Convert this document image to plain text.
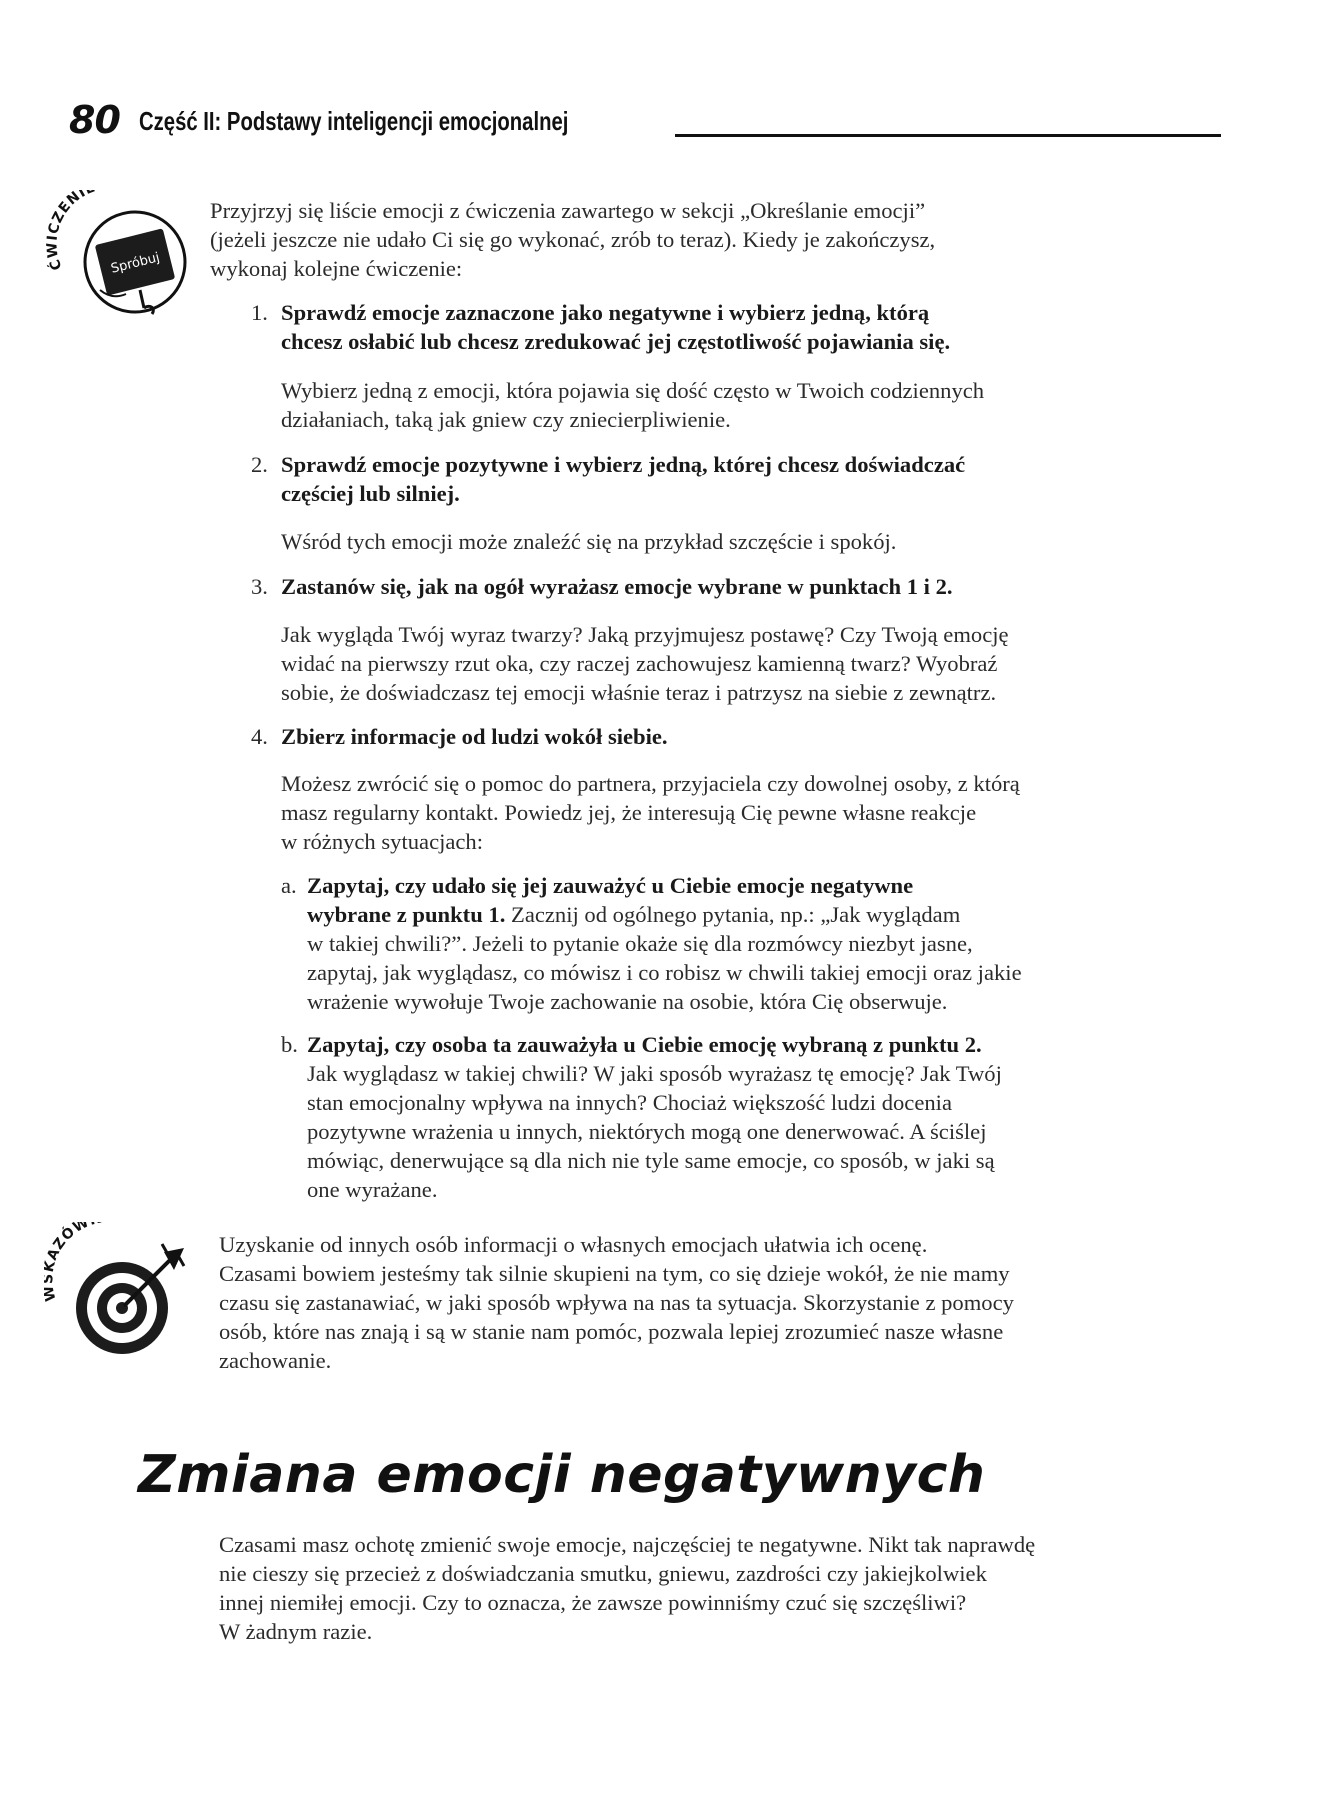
80 Część II: Podstawy inteligencji emocjonalnej
ĆWICZENI
Spróbuj
Przyjrzyj się liście emocji z ćwiczenia zawartego w sekcji „Określanie emocji”
(jeżeli jeszcze nie udało Ci się go wykonać, zrób to teraz). Kiedy je zakończysz,
wykonaj kolejne ćwiczenie:
1. Sprawdź emocje zaznaczone jako negatywne i wybierz jedną, którą
chcesz osłabić lub chcesz zredukować jej częstotliwość pojawiania się.
Wybierz jedną z emocji, która pojawia się dość często w Twoich codziennych
działaniach, taką jak gniew czy zniecierpliwienie.
2. Sprawdź emocje pozytywne i wybierz jedną, której chcesz doświadczać
częściej lub silniej.
Wśród tych emocji może znaleźć się na przykład szczęście i spokój.
3. Zastanów się, jak na ogół wyrażasz emocje wybrane w punktach 1 i 2.
Jak wygląda Twój wyraz twarzy? Jaką przyjmujesz postawę? Czy Twoją emocję
widać na pierwszy rzut oka, czy raczej zachowujesz kamienną twarz? Wyobraź
sobie, że doświadczasz tej emocji właśnie teraz i patrzysz na siebie z zewnątrz.
4. Zbierz informacje od ludzi wokół siebie.
Możesz zwrócić się o pomoc do partnera, przyjaciela czy dowolnej osoby, z którą
masz regularny kontakt. Powiedz jej, że interesują Cię pewne własne reakcje
w różnych sytuacjach:
a. Zapytaj, czy udało się jej zauważyć u Ciebie emocje negatywne
wybrane z punktu 1. Zacznij od ogólnego pytania, np.: „Jak wyglądam
w takiej chwili?”. Jeżeli to pytanie okaże się dla rozmówcy niezbyt jasne,
zapytaj, jak wyglądasz, co mówisz i co robisz w chwili takiej emocji oraz jakie
wrażenie wywołuje Twoje zachowanie na osobie, która Cię obserwuje.
b. Zapytaj, czy osoba ta zauważyła u Ciebie emocję wybraną z punktu 2.
Jak wyglądasz w takiej chwili? W jaki sposób wyrażasz tę emocję? Jak Twój
stan emocjonalny wpływa na innych? Chociaż większość ludzi docenia
pozytywne wrażenia u innych, niektórych mogą one denerwować. A ściślej
mówiąc, denerwujące są dla nich nie tyle same emocje, co sposób, w jaki są
one wyrażane.
AZÓW
Uzyskanie od innych osób informacji o własnych emocjach ułatwia ich ocenę.
Czasami bowiem jesteśmy tak silnie skupieni na tym, co się dzieje wokół, że nie mamy
czasu się zastanawiać, w jaki sposób wpływa na nas ta sytuacja. Skorzystanie z pomocy
osób, które nas znają i są w stanie nam pomóc, pozwala lepiej zrozumieć nasze własne
zachowanie.
Zmiana emocji negatywnych
Czasami masz ochotę zmienić swoje emocje, najczęściej te negatywne. Nikt tak naprawdę
nie cieszy się przecież z doświadczania smutku, gniewu, zazdrości czy jakiejkolwiek
innej niemiłej emocji. Czy to oznacza, że zawsze powinniśmy czuć się szczęśliwi?
W żadnym razie.
